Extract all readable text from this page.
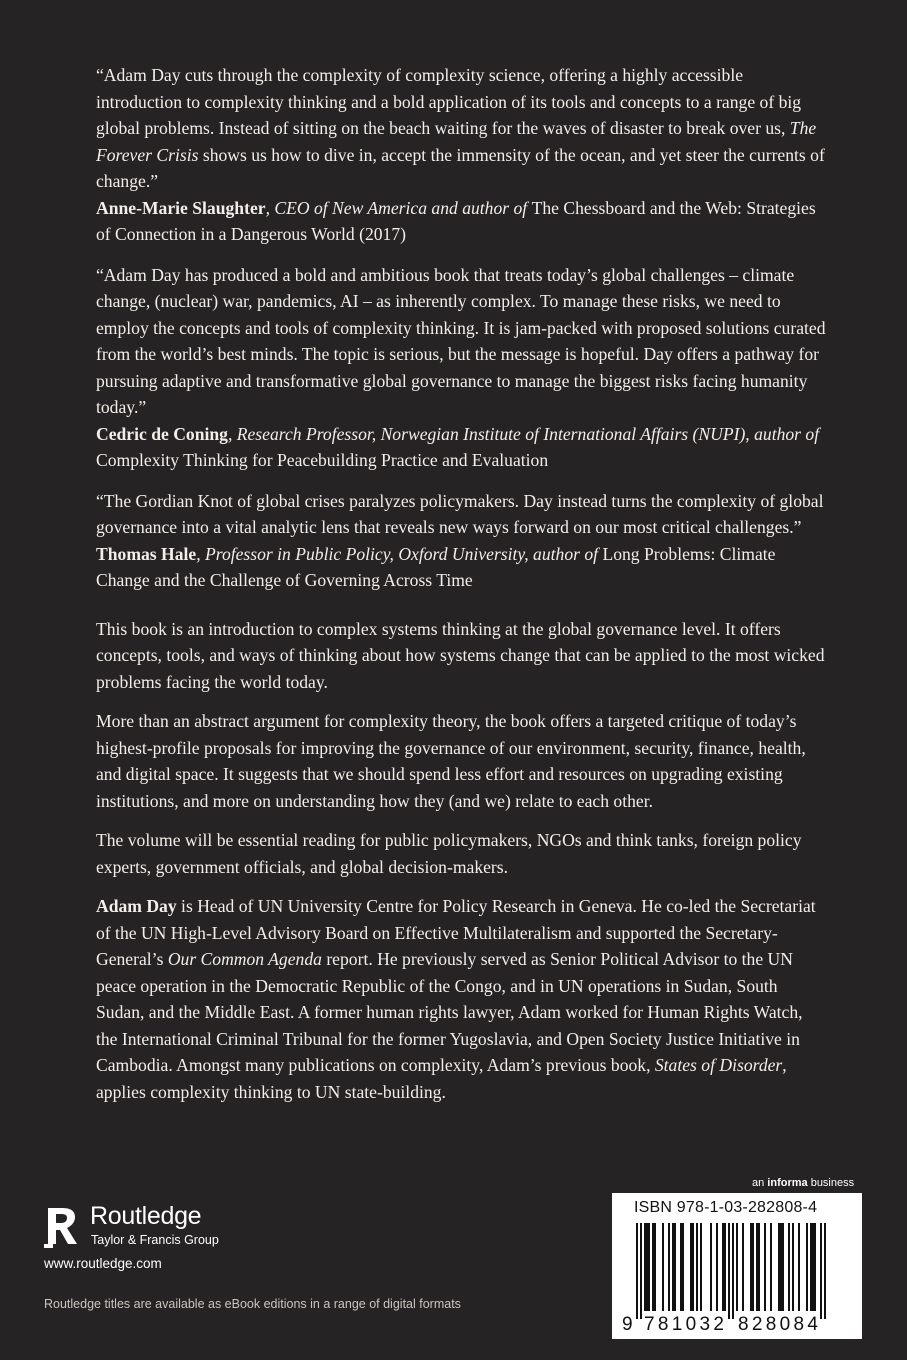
“Adam Day cuts through the complexity of complexity science, offering a highly accessible introduction to complexity thinking and a bold application of its tools and concepts to a range of big global problems. Instead of sitting on the beach waiting for the waves of disaster to break over us, The Forever Crisis shows us how to dive in, accept the immensity of the ocean, and yet steer the currents of change.”
Anne-Marie Slaughter, CEO of New America and author of The Chessboard and the Web: Strategies of Connection in a Dangerous World (2017)

“Adam Day has produced a bold and ambitious book that treats today’s global challenges – climate change, (nuclear) war, pandemics, AI – as inherently complex. To manage these risks, we need to employ the concepts and tools of complexity thinking. It is jam-packed with proposed solutions curated from the world’s best minds. The topic is serious, but the message is hopeful. Day offers a pathway for pursuing adaptive and transformative global governance to manage the biggest risks facing humanity today.”
Cedric de Coning, Research Professor, Norwegian Institute of International Affairs (NUPI), author of Complexity Thinking for Peacebuilding Practice and Evaluation

“The Gordian Knot of global crises paralyzes policymakers. Day instead turns the complexity of global governance into a vital analytic lens that reveals new ways forward on our most critical challenges.”
Thomas Hale, Professor in Public Policy, Oxford University, author of Long Problems: Climate Change and the Challenge of Governing Across Time

This book is an introduction to complex systems thinking at the global governance level. It offers concepts, tools, and ways of thinking about how systems change that can be applied to the most wicked problems facing the world today.

More than an abstract argument for complexity theory, the book offers a targeted critique of today’s highest-profile proposals for improving the governance of our environment, security, finance, health, and digital space. It suggests that we should spend less effort and resources on upgrading existing institutions, and more on understanding how they (and we) relate to each other.

The volume will be essential reading for public policymakers, NGOs and think tanks, foreign policy experts, government officials, and global decision-makers.

Adam Day is Head of UN University Centre for Policy Research in Geneva. He co-led the Secretariat of the UN High-Level Advisory Board on Effective Multilateralism and supported the Secretary-General’s Our Common Agenda report. He previously served as Senior Political Advisor to the UN peace operation in the Democratic Republic of the Congo, and in UN operations in Sudan, South Sudan, and the Middle East. A former human rights lawyer, Adam worked for Human Rights Watch, the International Criminal Tribunal for the former Yugoslavia, and Open Society Justice Initiative in Cambodia. Amongst many publications on complexity, Adam’s previous book, States of Disorder, applies complexity thinking to UN state-building.

Routledge
Taylor & Francis Group
www.routledge.com
Routledge titles are available as eBook editions in a range of digital formats
an informa business
ISBN 978-1-03-282808-4
9 781032 828084
